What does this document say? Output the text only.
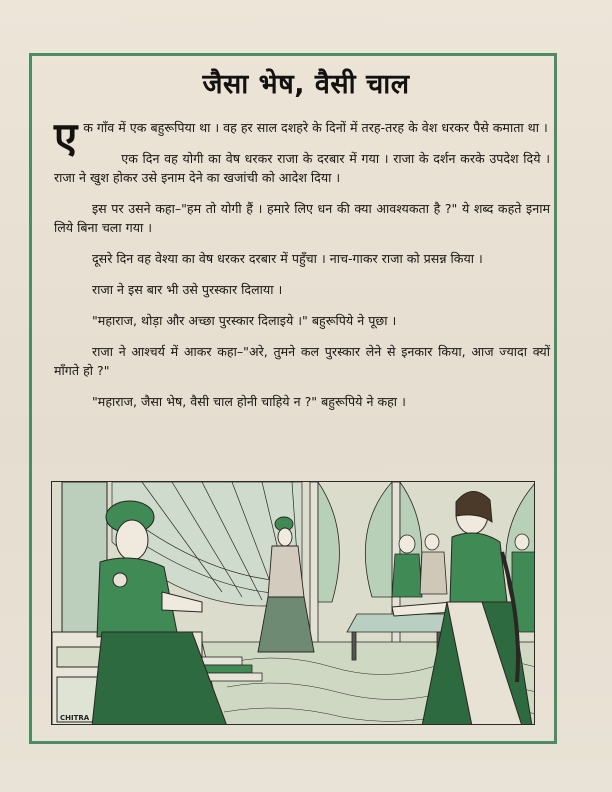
जैसा भेष, वैसी चाल

एक गाँव में एक बहुरूपिया था । वह हर साल दशहरे के दिनों में तरह-तरह के वेश धरकर पैसे कमाता था ।

एक दिन वह योगी का वेष धरकर राजा के दरबार में गया । राजा के दर्शन करके उपदेश दिये । राजा ने खुश होकर उसे इनाम देने का खजांची को आदेश दिया ।

इस पर उसने कहा–"हम तो योगी हैं । हमारे लिए धन की क्या आवश्यकता है ?" ये शब्द कहते इनाम लिये बिना चला गया ।

दूसरे दिन वह वेश्या का वेष धरकर दरबार में पहुँचा । नाच-गाकर राजा को प्रसन्न किया ।

राजा ने इस बार भी उसे पुरस्कार दिलाया ।

"महाराज, थोड़ा और अच्छा पुरस्कार दिलाइये ।" बहुरूपिये ने पूछा ।

राजा ने आश्चर्य में आकर कहा–"अरे, तुमने कल पुरस्कार लेने से इनकार किया, आज ज्यादा क्यों माँगते हो ?"

"महाराज, जैसा भेष, वैसी चाल होनी चाहिये न ?" बहुरूपिये ने कहा ।

CHITRA
